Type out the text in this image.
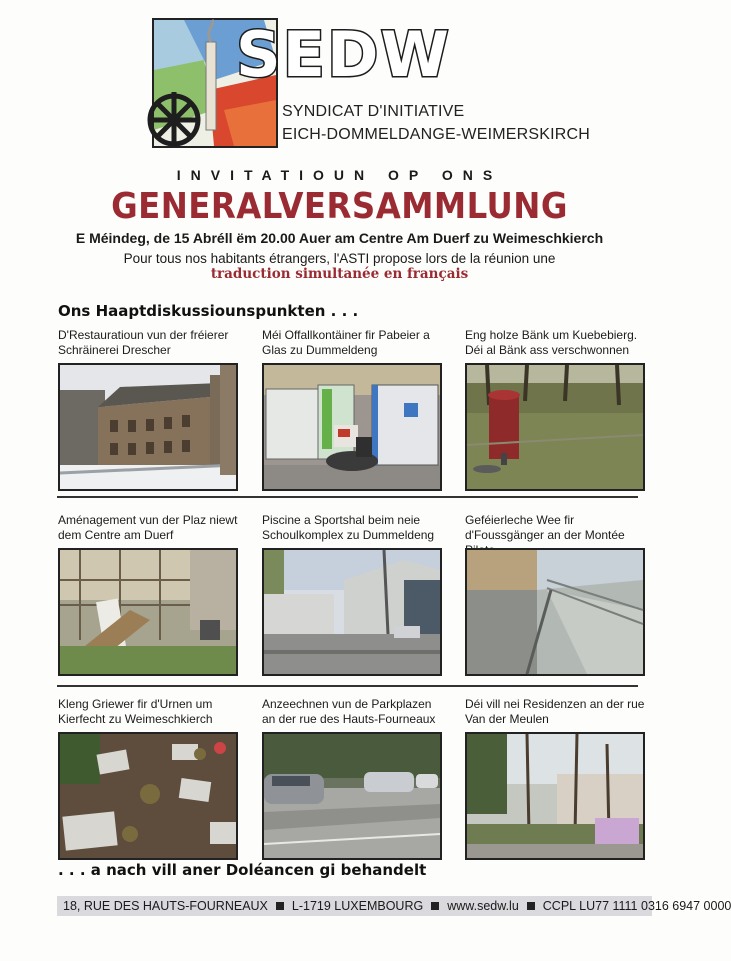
SEDW
SYNDICAT D'INITIATIVE
EICH-DOMMELDANGE-WEIMERSKIRCH
INVITATIOUN OP ONS
GENERALVERSAMMLUNG
E Méindeg, de 15 Abréll ëm 20.00 Auer am Centre Am Duerf zu Weimeschkierch
Pour tous nos habitants étrangers, l'ASTI propose lors de la réunion une
traduction simultanée en français
Ons Haaptdiskussiounspunkten . . .
D'Restauratioun vun der fréierer Schräinerei Drescher
Méi Offallkontäiner fir Pabeier a Glas zu Dummeldeng
Eng holze Bänk um Kuebebierg. Déi al Bänk ass verschwonnen
Aménagement vun der Plaz niewt dem Centre am Duerf
Piscine a Sportshal beim neie Schoulkomplex zu Dummeldeng
Geféierleche Wee fir d'Foussgänger an der Montée
Kleng Griewer fir d'Urnen um Kierfecht zu Weimeschkierch
Anzeechnen vun de Parkplazen an der rue des Hauts-Fourneaux
Déi vill nei Residenzen an der rue Van der Meulen
. . . a nach vill aner Doléancen gi behandelt
18, RUE DES HAUTS-FOURNEAUX L-1719 LUXEMBOURG www.sedw.lu CCPL LU77 1111 0316 6947 0000
